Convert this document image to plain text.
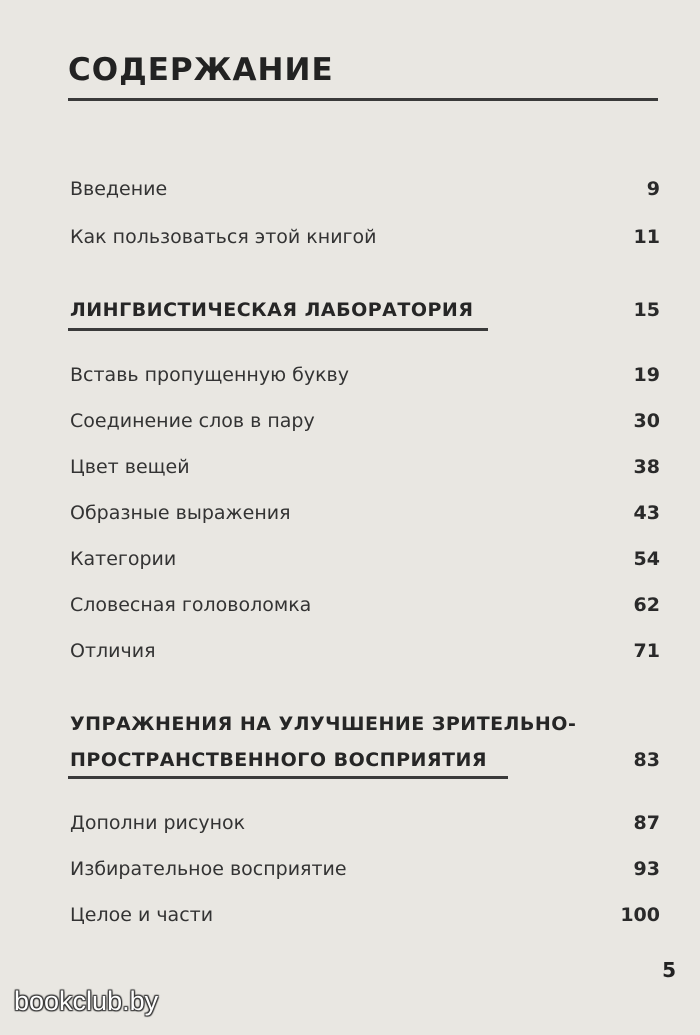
СОДЕРЖАНИЕ
Введение	9
Как пользоваться этой книгой	11
ЛИНГВИСТИЧЕСКАЯ ЛАБОРАТОРИЯ	15
Вставь пропущенную букву	19
Соединение слов в пару	30
Цвет вещей	38
Образные выражения	43
Категории	54
Словесная головоломка	62
Отличия	71
УПРАЖНЕНИЯ НА УЛУЧШЕНИЕ ЗРИТЕЛЬНО-
ПРОСТРАНСТВЕННОГО ВОСПРИЯТИЯ	83
Дополни рисунок	87
Избирательное восприятие	93
Целое и части	100
5
bookclub.by
